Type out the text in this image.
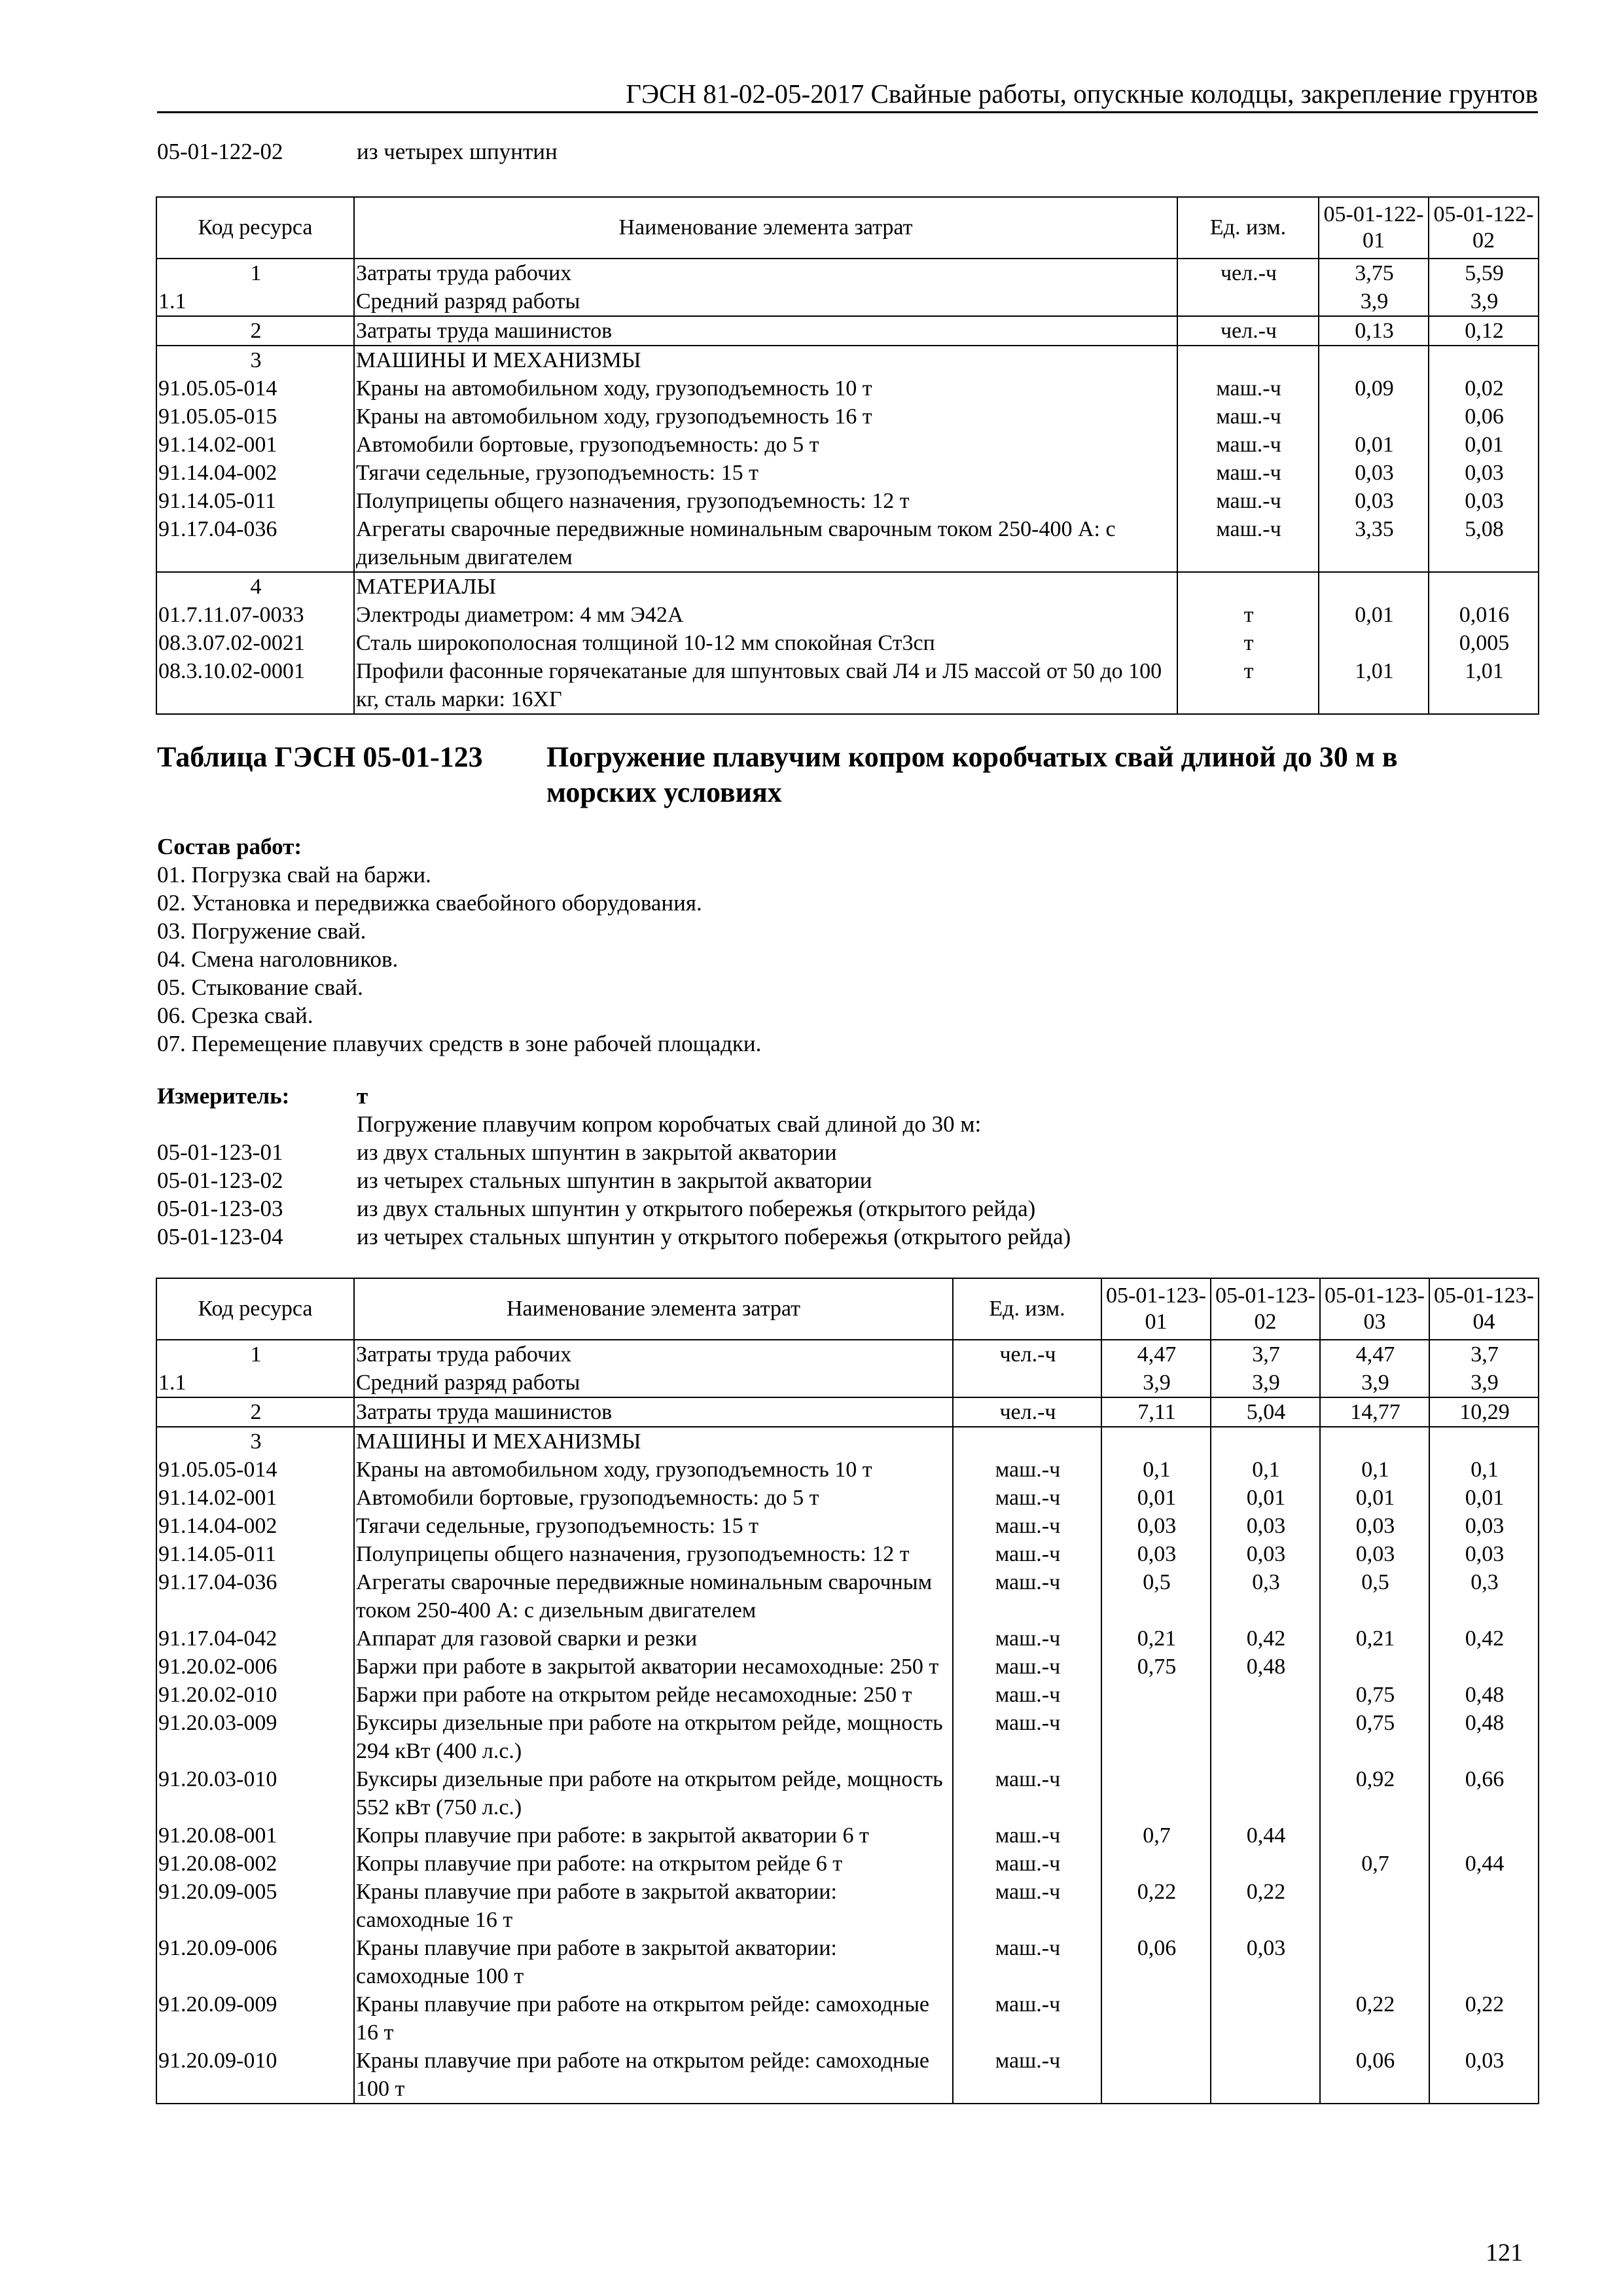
ГЭСН 81-02-05-2017 Свайные работы, опускные колодцы, закрепление грунтов
05-01-122-02	из четырех шпунтин
Код ресурса	Наименование элемента затрат	Ед. изм.	05-01-122-01	05-01-122-02
1	Затраты труда рабочих	чел.-ч	3,75	5,59
1.1	Средний разряд работы		3,9	3,9
2	Затраты труда машинистов	чел.-ч	0,13	0,12
3	МАШИНЫ И МЕХАНИЗМЫ			
91.05.05-014	Краны на автомобильном ходу, грузоподъемность 10 т	маш.-ч	0,09	0,02
91.05.05-015	Краны на автомобильном ходу, грузоподъемность 16 т	маш.-ч		0,06
91.14.02-001	Автомобили бортовые, грузоподъемность: до 5 т	маш.-ч	0,01	0,01
91.14.04-002	Тягачи седельные, грузоподъемность: 15 т	маш.-ч	0,03	0,03
91.14.05-011	Полуприцепы общего назначения, грузоподъемность: 12 т	маш.-ч	0,03	0,03
91.17.04-036	Агрегаты сварочные передвижные номинальным сварочным током 250-400 А: с дизельным двигателем	маш.-ч	3,35	5,08
4	МАТЕРИАЛЫ			
01.7.11.07-0033	Электроды диаметром: 4 мм Э42А	т	0,01	0,016
08.3.07.02-0021	Сталь широкополосная толщиной 10-12 мм спокойная Ст3сп	т		0,005
08.3.10.02-0001	Профили фасонные горячекатаные для шпунтовых свай Л4 и Л5 массой от 50 до 100 кг, сталь марки: 16ХГ	т	1,01	1,01
Таблица ГЭСН 05-01-123 Погружение плавучим копром коробчатых свай длиной до 30 м в морских условиях
Состав работ:
01. Погрузка свай на баржи.
02. Установка и передвижка сваебойного оборудования.
03. Погружение свай.
04. Смена наголовников.
05. Стыкование свай.
06. Срезка свай.
07. Перемещение плавучих средств в зоне рабочей площадки.
Измеритель:	т
Погружение плавучим копром коробчатых свай длиной до 30 м:
05-01-123-01	из двух стальных шпунтин в закрытой акватории
05-01-123-02	из четырех стальных шпунтин в закрытой акватории
05-01-123-03	из двух стальных шпунтин у открытого побережья (открытого рейда)
05-01-123-04	из четырех стальных шпунтин у открытого побережья (открытого рейда)
Код ресурса	Наименование элемента затрат	Ед. изм.	05-01-123-01	05-01-123-02	05-01-123-03	05-01-123-04
1	Затраты труда рабочих	чел.-ч	4,47	3,7	4,47	3,7
1.1	Средний разряд работы		3,9	3,9	3,9	3,9
2	Затраты труда машинистов	чел.-ч	7,11	5,04	14,77	10,29
3	МАШИНЫ И МЕХАНИЗМЫ					
91.05.05-014	Краны на автомобильном ходу, грузоподъемность 10 т	маш.-ч	0,1	0,1	0,1	0,1
91.14.02-001	Автомобили бортовые, грузоподъемность: до 5 т	маш.-ч	0,01	0,01	0,01	0,01
91.14.04-002	Тягачи седельные, грузоподъемность: 15 т	маш.-ч	0,03	0,03	0,03	0,03
91.14.05-011	Полуприцепы общего назначения, грузоподъемность: 12 т	маш.-ч	0,03	0,03	0,03	0,03
91.17.04-036	Агрегаты сварочные передвижные номинальным сварочным током 250-400 А: с дизельным двигателем	маш.-ч	0,5	0,3	0,5	0,3
91.17.04-042	Аппарат для газовой сварки и резки	маш.-ч	0,21	0,42	0,21	0,42
91.20.02-006	Баржи при работе в закрытой акватории несамоходные: 250 т	маш.-ч	0,75	0,48		
91.20.02-010	Баржи при работе на открытом рейде несамоходные: 250 т	маш.-ч			0,75	0,48
91.20.03-009	Буксиры дизельные при работе на открытом рейде, мощность 294 кВт (400 л.с.)	маш.-ч			0,75	0,48
91.20.03-010	Буксиры дизельные при работе на открытом рейде, мощность 552 кВт (750 л.с.)	маш.-ч			0,92	0,66
91.20.08-001	Копры плавучие при работе: в закрытой акватории 6 т	маш.-ч	0,7	0,44		
91.20.08-002	Копры плавучие при работе: на открытом рейде 6 т	маш.-ч			0,7	0,44
91.20.09-005	Краны плавучие при работе в закрытой акватории: самоходные 16 т	маш.-ч	0,22	0,22		
91.20.09-006	Краны плавучие при работе в закрытой акватории: самоходные 100 т	маш.-ч	0,06	0,03		
91.20.09-009	Краны плавучие при работе на открытом рейде: самоходные 16 т	маш.-ч			0,22	0,22
91.20.09-010	Краны плавучие при работе на открытом рейде: самоходные 100 т	маш.-ч			0,06	0,03
121
